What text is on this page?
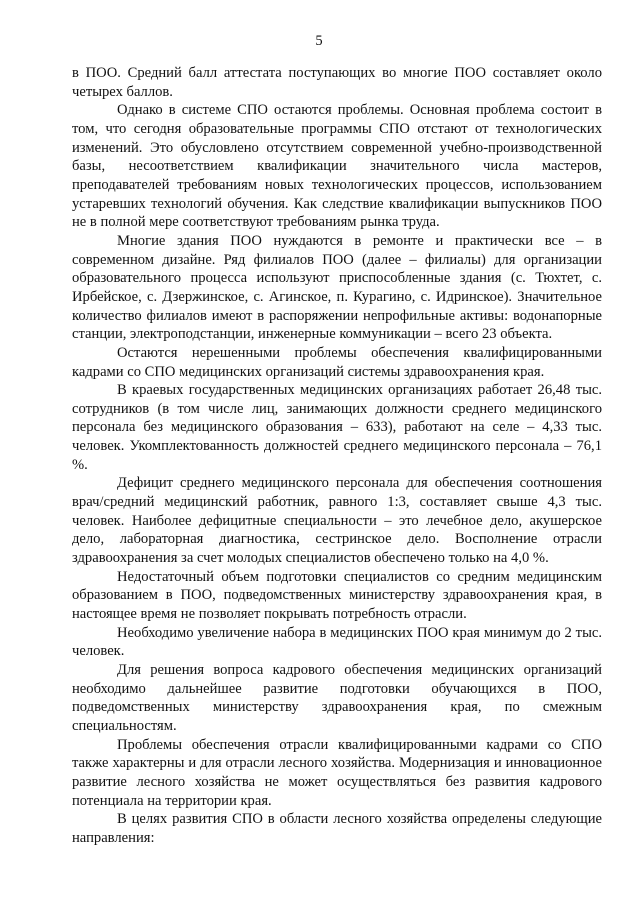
5

в ПОО. Средний балл аттестата поступающих во многие ПОО составляет около четырех баллов.

Однако в системе СПО остаются проблемы. Основная проблема состоит в том, что сегодня образовательные программы СПО отстают от технологических изменений. Это обусловлено отсутствием современной учебно-производственной базы, несоответствием квалификации значительного числа мастеров, преподавателей требованиям новых технологических процессов, использованием устаревших технологий обучения. Как следствие квалификации выпускников ПОО не в полной мере соответствуют требованиям рынка труда.

Многие здания ПОО нуждаются в ремонте и практически все – в современном дизайне. Ряд филиалов ПОО (далее – филиалы) для организации образовательного процесса используют приспособленные здания (с. Тюхтет, с. Ирбейское, с. Дзержинское, с. Агинское, п. Курагино, с. Идринское). Значительное количество филиалов имеют в распоряжении непрофильные активы: водонапорные станции, электроподстанции, инженерные коммуникации – всего 23 объекта.

Остаются нерешенными проблемы обеспечения квалифицированными кадрами со СПО медицинских организаций системы здравоохранения края.

В краевых государственных медицинских организациях работает 26,48 тыс. сотрудников (в том числе лиц, занимающих должности среднего медицинского персонала без медицинского образования – 633), работают на селе – 4,33 тыс. человек. Укомплектованность должностей среднего медицинского персонала – 76,1 %.

Дефицит среднего медицинского персонала для обеспечения соотношения врач/средний медицинский работник, равного 1:3, составляет свыше 4,3 тыс. человек. Наиболее дефицитные специальности – это лечебное дело, акушерское дело, лабораторная диагностика, сестринское дело. Восполнение отрасли здравоохранения за счет молодых специалистов обеспечено только на 4,0 %.

Недостаточный объем подготовки специалистов со средним медицинским образованием в ПОО, подведомственных министерству здравоохранения края, в настоящее время не позволяет покрывать потребность отрасли.

Необходимо увеличение набора в медицинских ПОО края минимум до 2 тыс. человек.

Для решения вопроса кадрового обеспечения медицинских организаций необходимо дальнейшее развитие подготовки обучающихся в ПОО, подведомственных министерству здравоохранения края, по смежным специальностям.

Проблемы обеспечения отрасли квалифицированными кадрами со СПО также характерны и для отрасли лесного хозяйства. Модернизация и инновационное развитие лесного хозяйства не может осуществляться без развития кадрового потенциала на территории края.

В целях развития СПО в области лесного хозяйства определены следующие направления:
